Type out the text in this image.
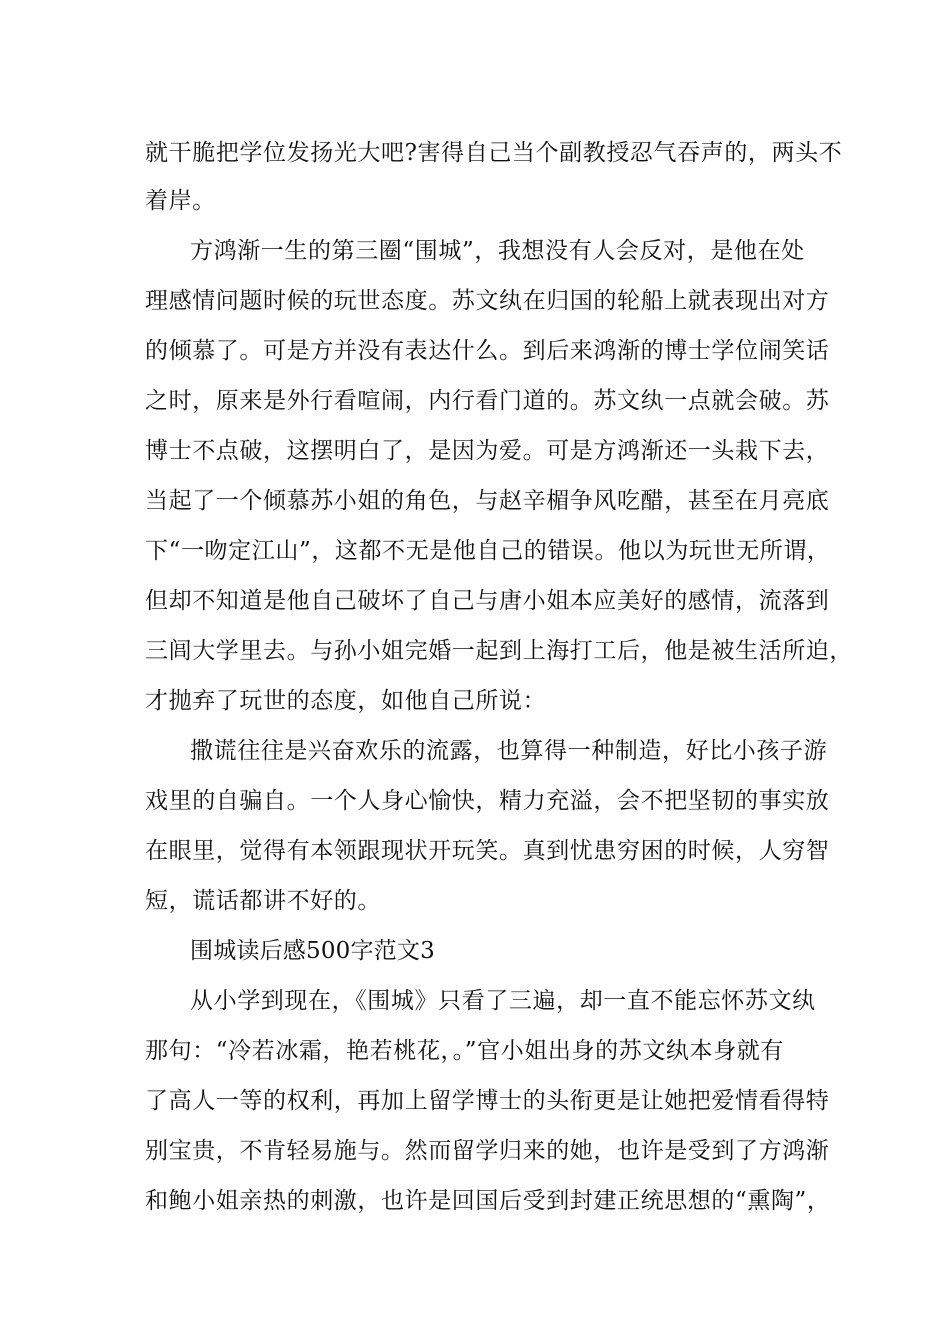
就干脆把学位发扬光大吧?害得自己当个副教授忍气吞声的，两头不
着岸。
方鸿渐一生的第三圈“围城”，我想没有人会反对，是他在处
理感情问题时候的玩世态度。苏文纨在归国的轮船上就表现出对方
的倾慕了。可是方并没有表达什么。到后来鸿渐的博士学位闹笑话
之时，原来是外行看喧闹，内行看门道的。苏文纨一点就会破。苏
博士不点破，这摆明白了，是因为爱。可是方鸿渐还一头栽下去，
当起了一个倾慕苏小姐的角色，与赵辛楣争风吃醋，甚至在月亮底
下“一吻定江山”，这都不无是他自己的错误。他以为玩世无所谓，
但却不知道是他自己破坏了自己与唐小姐本应美好的感情，流落到
三闾大学里去。与孙小姐完婚一起到上海打工后，他是被生活所迫，
才抛弃了玩世的态度，如他自己所说：
撒谎往往是兴奋欢乐的流露，也算得一种制造，好比小孩子游
戏里的自骗自。一个人身心愉快，精力充溢，会不把坚韧的事实放
在眼里，觉得有本领跟现状开玩笑。真到忧患穷困的时候，人穷智
短，谎话都讲不好的。
围城读后感500字范文3
从小学到现在，《围城》只看了三遍，却一直不能忘怀苏文纨
那句：“冷若冰霜，艳若桃花，。”官小姐出身的苏文纨本身就有
了高人一等的权利，再加上留学博士的头衔更是让她把爱情看得特
别宝贵，不肯轻易施与。然而留学归来的她，也许是受到了方鸿渐
和鲍小姐亲热的刺激，也许是回国后受到封建正统思想的“熏陶”，
